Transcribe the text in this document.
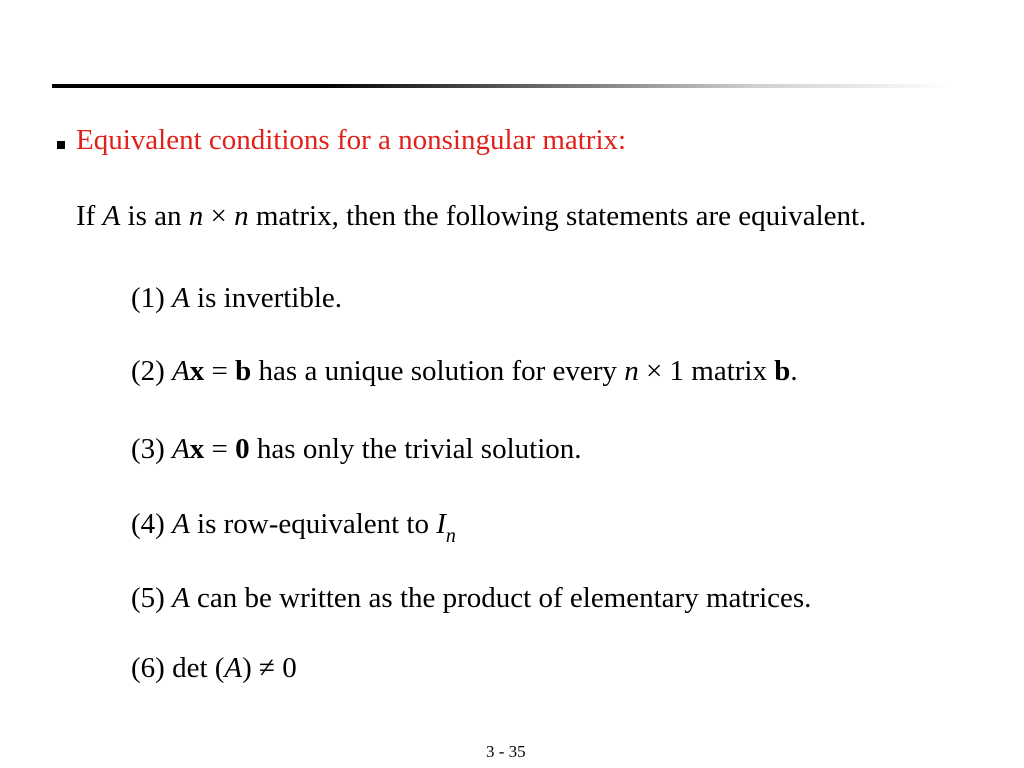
Equivalent conditions for a nonsingular matrix:
If A is an n × n matrix, then the following statements are equivalent.
(1) A is invertible.
(2) Ax = b has a unique solution for every n × 1 matrix b.
(3) Ax = 0 has only the trivial solution.
(4) A is row-equivalent to $I_n$
(5) A can be written as the product of elementary matrices.
(6) det (A) ≠ 0
3 - 35
